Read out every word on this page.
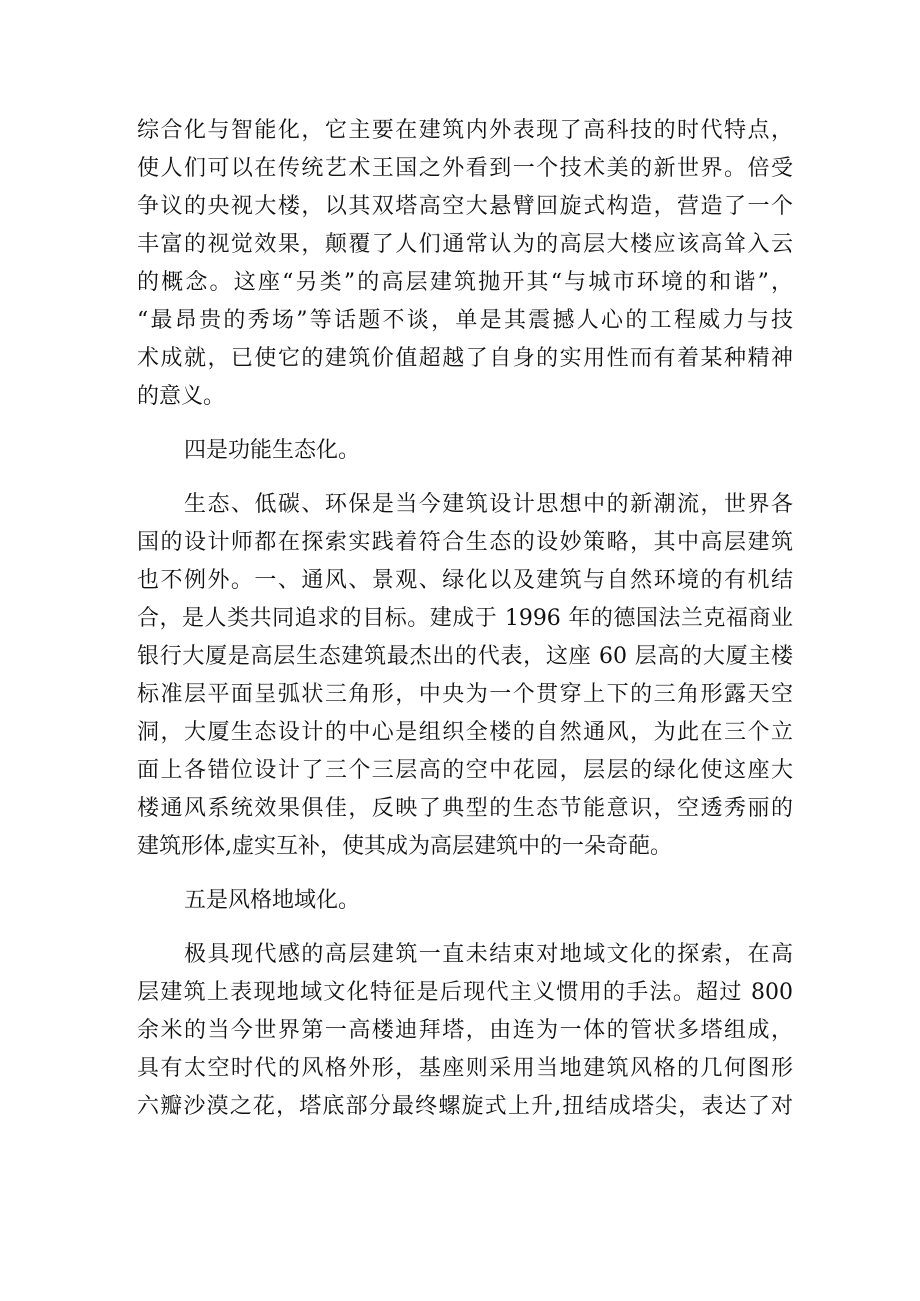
综合化与智能化，它主要在建筑内外表现了高科技的时代特点，
使人们可以在传统艺术王国之外看到一个技术美的新世界。倍受
争议的央视大楼，以其双塔高空大悬臂回旋式构造，营造了一个
丰富的视觉效果，颠覆了人们通常认为的高层大楼应该高耸入云
的概念。这座“另类”的高层建筑抛开其“与城市环境的和谐”，
“最昂贵的秀场”等话题不谈，单是其震撼人心的工程威力与技
术成就，已使它的建筑价值超越了自身的实用性而有着某种精神
的意义。
四是功能生态化。
生态、低碳、环保是当今建筑设计思想中的新潮流，世界各
国的设计师都在探索实践着符合生态的设妙策略，其中高层建筑
也不例外。一、通风、景观、绿化以及建筑与自然环境的有机结
合，是人类共同追求的目标。建成于 1996 年的德国法兰克福商业
银行大厦是高层生态建筑最杰出的代表，这座 60 层高的大厦主楼
标准层平面呈弧状三角形，中央为一个贯穿上下的三角形露天空
洞，大厦生态设计的中心是组织全楼的自然通风，为此在三个立
面上各错位设计了三个三层高的空中花园，层层的绿化使这座大
楼通风系统效果俱佳，反映了典型的生态节能意识，空透秀丽的
建筑形体,虚实互补，使其成为高层建筑中的一朵奇葩。
五是风格地域化。
极具现代感的高层建筑一直未结束对地域文化的探索，在高
层建筑上表现地域文化特征是后现代主义惯用的手法。超过 800
余米的当今世界第一高楼迪拜塔，由连为一体的管状多塔组成，
具有太空时代的风格外形，基座则采用当地建筑风格的几何图形
六瓣沙漠之花，塔底部分最终螺旋式上升,扭结成塔尖，表达了对
